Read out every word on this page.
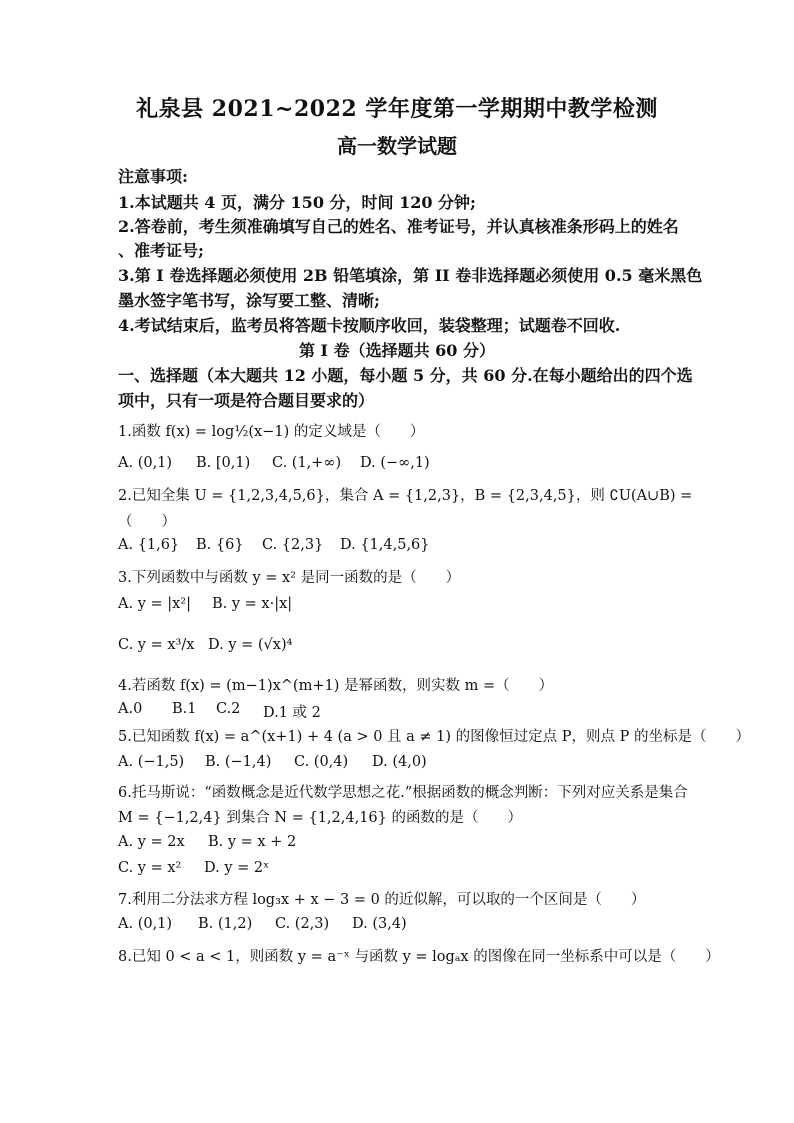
礼泉县 2021~2022 学年度第一学期期中教学检测
高一数学试题
注意事项:
1.本试题共 4 页，满分 150 分，时间 120 分钟;
2.答卷前，考生须准确填写自己的姓名、准考证号，并认真核准条形码上的姓名
、准考证号;
3.第 I 卷选择题必须使用 2B 铅笔填涂，第 II 卷非选择题必须使用 0.5 毫米黑色
墨水签字笔书写，涂写要工整、清晰;
4.考试结束后，监考员将答题卡按顺序收回，装袋整理；试题卷不回收.
第 I 卷（选择题共 60 分）
一、选择题（本大题共 12 小题，每小题 5 分，共 60 分.在每小题给出的四个选
项中，只有一项是符合题目要求的）
1.函数 f(x) = log½(x−1) 的定义域是（　　）
A. (0,1) B. [0,1) C. (1,+∞) D. (−∞,1)
2.已知全集 U = {1,2,3,4,5,6}，集合 A = {1,2,3}，B = {2,3,4,5}，则 ∁U(A∪B) =
（　　）
A. {1,6} B. {6} C. {2,3} D. {1,4,5,6}
3.下列函数中与函数 y = x² 是同一函数的是（　　）
A. y = |x²| B. y = x·|x|
C. y = x³/x D. y = (√x)⁴
4.若函数 f(x) = (m−1)x^(m+1) 是幂函数，则实数 m =（　　）
A.0 B.1 C.2 D.1 或 2
5.已知函数 f(x) = a^(x+1) + 4 (a > 0 且 a ≠ 1) 的图像恒过定点 P，则点 P 的坐标是（　　）
A. (−1,5) B. (−1,4) C. (0,4) D. (4,0)
6.托马斯说：“函数概念是近代数学思想之花.”根据函数的概念判断：下列对应关系是集合
M = {−1,2,4} 到集合 N = {1,2,4,16} 的函数的是（　　）
A. y = 2x B. y = x + 2
C. y = x² D. y = 2ˣ
7.利用二分法求方程 log₃x + x − 3 = 0 的近似解，可以取的一个区间是（　　）
A. (0,1) B. (1,2) C. (2,3) D. (3,4)
8.已知 0 < a < 1，则函数 y = a⁻ˣ 与函数 y = logₐx 的图像在同一坐标系中可以是（　　）
